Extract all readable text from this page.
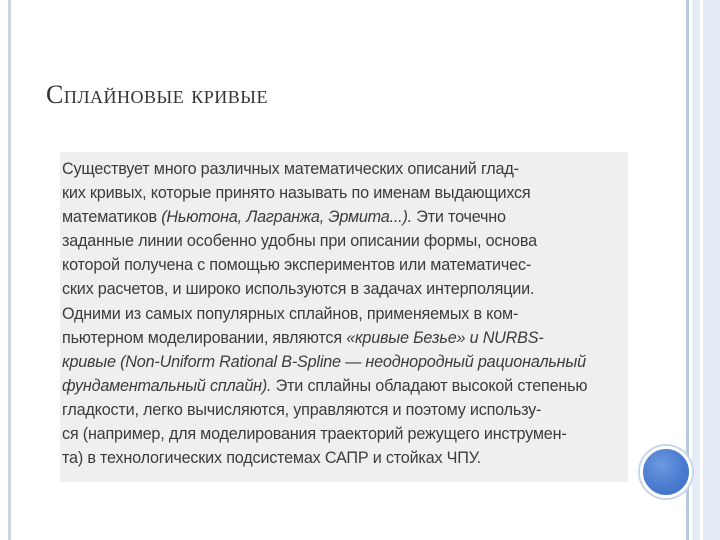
Сплайновые кривые
Существует много различных математических описаний глад-
ких кривых, которые принято называть по именам выдающихся
математиков (Ньютона, Лагранжа, Эрмита...). Эти точечно
заданные линии особенно удобны при описании формы, основа
которой получена с помощью экспериментов или математичес-
ских расчетов, и широко используются в задачах интерполяции.
Одними из самых популярных сплайнов, применяемых в ком-
пьютерном моделировании, являются «кривые Безье» и NURBS-
кривые (Non-Uniform Rational B-Spline — неоднородный рациональный
фундаментальный сплайн). Эти сплайны обладают высокой степенью
гладкости, легко вычисляются, управляются и поэтому использу-
ся (например, для моделирования траекторий режущего инструмен-
та) в технологических подсистемах САПР и стойках ЧПУ.
